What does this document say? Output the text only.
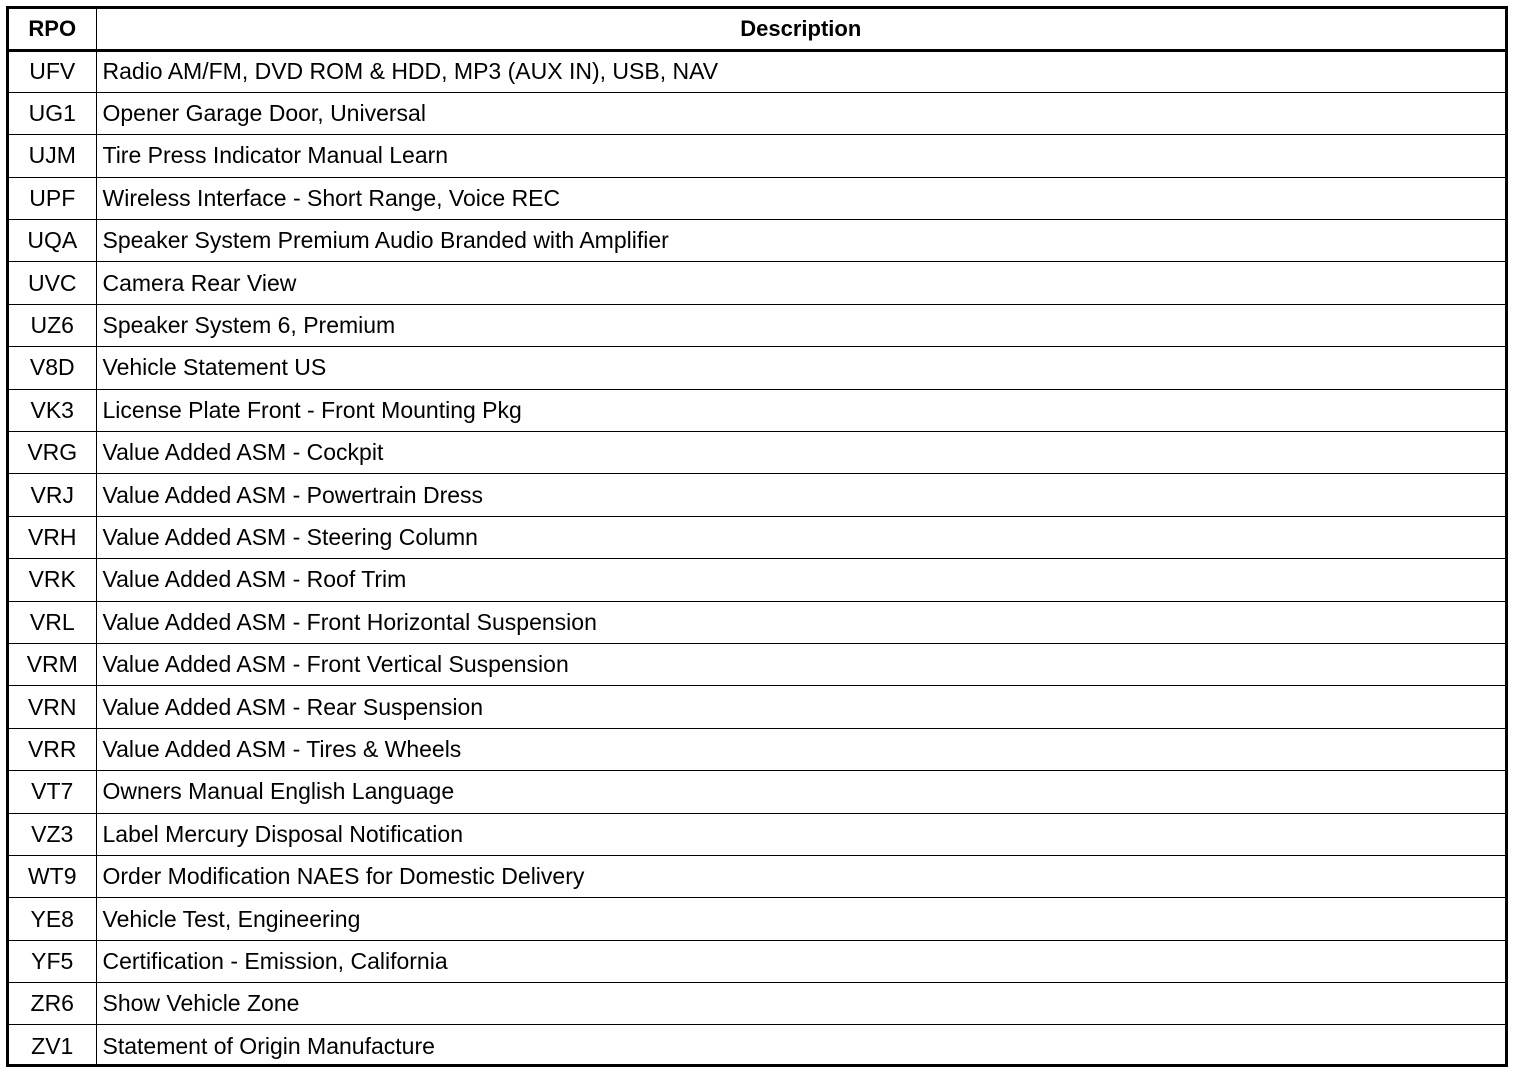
RPO	Description
UFV	Radio AM/FM, DVD ROM & HDD, MP3 (AUX IN), USB, NAV
UG1	Opener Garage Door, Universal
UJM	Tire Press Indicator Manual Learn
UPF	Wireless Interface - Short Range, Voice REC
UQA	Speaker System Premium Audio Branded with Amplifier
UVC	Camera Rear View
UZ6	Speaker System 6, Premium
V8D	Vehicle Statement US
VK3	License Plate Front - Front Mounting Pkg
VRG	Value Added ASM - Cockpit
VRJ	Value Added ASM - Powertrain Dress
VRH	Value Added ASM - Steering Column
VRK	Value Added ASM - Roof Trim
VRL	Value Added ASM - Front Horizontal Suspension
VRM	Value Added ASM - Front Vertical Suspension
VRN	Value Added ASM - Rear Suspension
VRR	Value Added ASM - Tires & Wheels
VT7	Owners Manual English Language
VZ3	Label Mercury Disposal Notification
WT9	Order Modification NAES for Domestic Delivery
YE8	Vehicle Test, Engineering
YF5	Certification - Emission, California
ZR6	Show Vehicle Zone
ZV1	Statement of Origin Manufacture
